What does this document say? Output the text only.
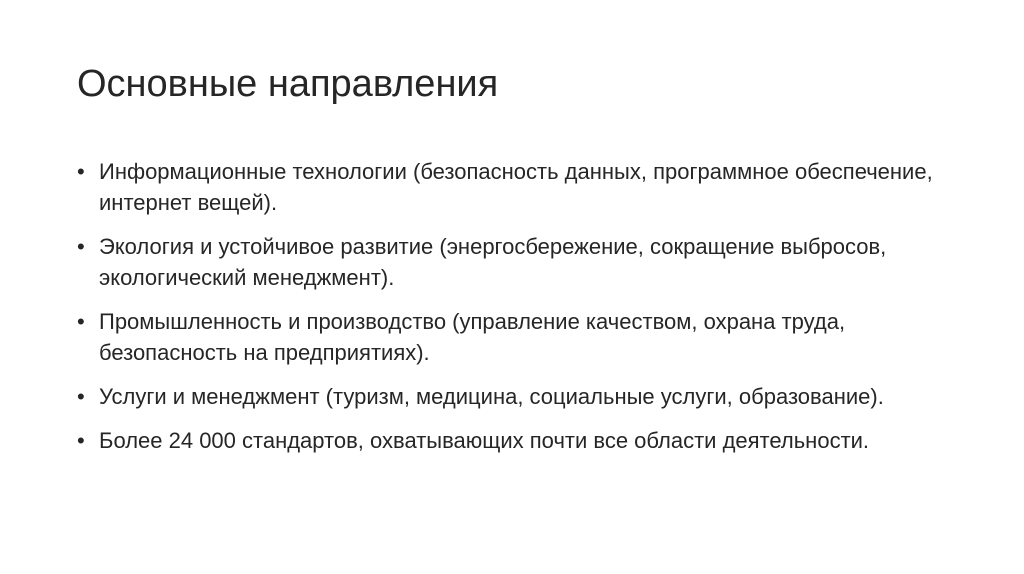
Основные направления
• Информационные технологии (безопасность данных, программное обеспечение, интернет вещей).
• Экология и устойчивое развитие (энергосбережение, сокращение выбросов, экологический менеджмент).
• Промышленность и производство (управление качеством, охрана труда, безопасность на предприятиях).
• Услуги и менеджмент (туризм, медицина, социальные услуги, образование).
• Более 24 000 стандартов, охватывающих почти все области деятельности.
